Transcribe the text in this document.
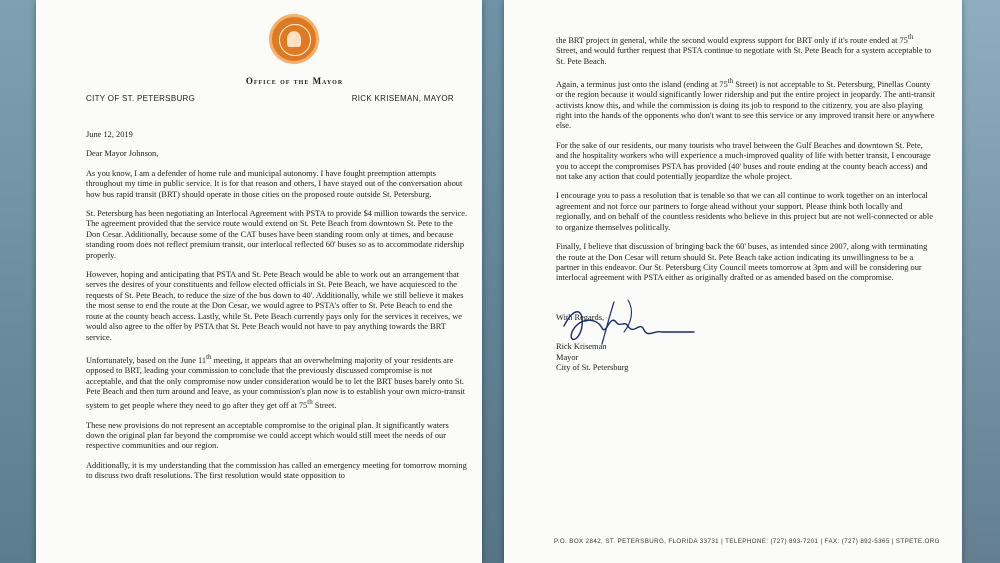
Office of the Mayor
CITY OF ST. PETERSBURG	RICK KRISEMAN, MAYOR

June 12, 2019

Dear Mayor Johnson,

As you know, I am a defender of home rule and municipal autonomy. I have fought preemption attempts throughout my time in public service. It is for that reason and others, I have stayed out of the conversation about how bus rapid transit (BRT) should operate in those cities on the proposed route outside St. Petersburg.

St. Petersburg has been negotiating an Interlocal Agreement with PSTA to provide $4 million towards the service. The agreement provided that the service route would extend on St. Pete Beach from downtown St. Pete to the Don Cesar. Additionally, because some of the CAT buses have been standing room only at times, and because standing room does not reflect premium transit, our interlocal reflected 60' buses so as to accommodate ridership properly.

However, hoping and anticipating that PSTA and St. Pete Beach would be able to work out an arrangement that serves the desires of your constituents and fellow elected officials in St. Pete Beach, we have acquiesced to the requests of St. Pete Beach, to reduce the size of the bus down to 40'. Additionally, while we still believe it makes the most sense to end the route at the Don Cesar, we would agree to PSTA's offer to St. Pete Beach to end the route at the county beach access. Lastly, while St. Pete Beach currently pays only for the services it receives, we would also agree to the offer by PSTA that St. Pete Beach would not have to pay anything towards the BRT service.

Unfortunately, based on the June 11th meeting, it appears that an overwhelming majority of your residents are opposed to BRT, leading your commission to conclude that the previously discussed compromise is not acceptable, and that the only compromise now under consideration would be to let the BRT buses barely onto St. Pete Beach and then turn around and leave, as your commission's plan now is to establish your own micro-transit system to get people where they need to go after they get off at 75th Street.

These new provisions do not represent an acceptable compromise to the original plan. It significantly waters down the original plan far beyond the compromise we could accept which would still meet the needs of our respective communities and our region.

Additionally, it is my understanding that the commission has called an emergency meeting for tomorrow morning to discuss two draft resolutions. The first resolution would state opposition to

the BRT project in general, while the second would express support for BRT only if it's route ended at 75th Street, and would further request that PSTA continue to negotiate with St. Pete Beach for a system acceptable to St. Pete Beach.

Again, a terminus just onto the island (ending at 75th Street) is not acceptable to St. Petersburg, Pinellas County or the region because it would significantly lower ridership and put the entire project in jeopardy. The anti-transit activists know this, and while the commission is doing its job to respond to the citizenry, you are also playing right into the hands of the opponents who don't want to see this service or any improved transit here or anywhere else.

For the sake of our residents, our many tourists who travel between the Gulf Beaches and downtown St. Pete, and the hospitality workers who will experience a much-improved quality of life with better transit, I encourage you to accept the compromises PSTA has provided (40' buses and route ending at the county beach access) and not take any action that could potentially jeopardize the whole project.

I encourage you to pass a resolution that is tenable so that we can all continue to work together on an interlocal agreement and not force our partners to forge ahead without your support. Please think both locally and regionally, and on behalf of the countless residents who believe in this project but are not well-connected or able to organize themselves politically.

Finally, I believe that discussion of bringing back the 60' buses, as intended since 2007, along with terminating the route at the Don Cesar will return should St. Pete Beach take action indicating its unwillingness to be a partner in this endeavor. Our St. Petersburg City Council meets tomorrow at 3pm and will be considering our interlocal agreement with PSTA either as originally drafted or as amended based on the compromise.

With Regards,
Rick Kriseman
Mayor
City of St. Petersburg
P.O. BOX 2842, ST. PETERSBURG, FLORIDA 33731 | TELEPHONE: (727) 893-7201 | FAX: (727) 892-5365 | STPETE.ORG
